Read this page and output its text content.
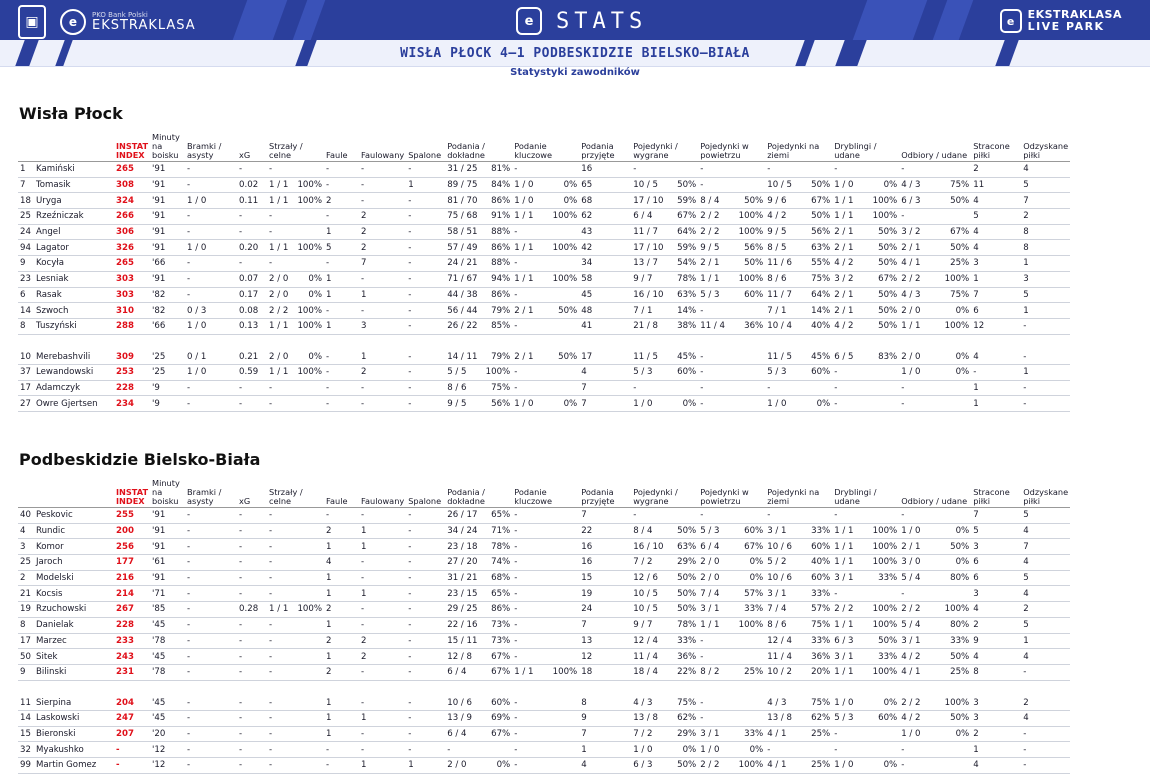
▣	e	PKO Bank Polski
EKSTRAKLASA	e	STATS	e	EKSTRAKLASA
LIVE PARK
WISŁA PŁOCK 4–1 PODBESKIDZIE BIELSKO–BIAŁA
Statystyki zawodników
Wisła Płock
		INSTAT INDEX	Minuty na boisku	Bramki / asysty	xG	Strzały / celne	Faule	Faulowany	Spalone	Podania / dokładne	Podanie kluczowe	Podania przyjęte	Pojedynki / wygrane	Pojedynki w powietrzu	Pojedynki na ziemi	Dryblingi / udane	Odbiory / udane	Stracone piłki	Odzyskane piłki
1	Kamiński	265	'91	-	-	-	-	-	-	31 / 25 81%	-	16	-	-	-	-	-	2	4
7	Tomasik	308	'91	-	0.02	1 / 1 100%	-	-	1	89 / 75 84%	1 / 0 0%	65	10 / 5 50%	-	10 / 5 50%	1 / 0 0%	4 / 3 75%	11	5
18	Uryga	324	'91	1 / 0	0.11	1 / 1 100%	2	-	-	81 / 70 86%	1 / 0 0%	68	17 / 10 59%	8 / 4 50%	9 / 6 67%	1 / 1 100%	6 / 3 50%	4	7
25	Rzeźniczak	266	'91	-	-	-	-	2	-	75 / 68 91%	1 / 1 100%	62	6 / 4 67%	2 / 2 100%	4 / 2 50%	1 / 1 100%	-	5	2
24	Angel	306	'91	-	-	-	1	2	-	58 / 51 88%	-	43	11 / 7 64%	2 / 2 100%	9 / 5 56%	2 / 1 50%	3 / 2 67%	4	8
94	Lagator	326	'91	1 / 0	0.20	1 / 1 100%	5	2	-	57 / 49 86%	1 / 1 100%	42	17 / 10 59%	9 / 5 56%	8 / 5 63%	2 / 1 50%	2 / 1 50%	4	8
9	Kocyła	265	'66	-	-	-	-	7	-	24 / 21 88%	-	34	13 / 7 54%	2 / 1 50%	11 / 6 55%	4 / 2 50%	4 / 1 25%	3	1
23	Lesniak	303	'91	-	0.07	2 / 0 0%	1	-	-	71 / 67 94%	1 / 1 100%	58	9 / 7 78%	1 / 1 100%	8 / 6 75%	3 / 2 67%	2 / 2 100%	1	3
6	Rasak	303	'82	-	0.17	2 / 0 0%	1	1	-	44 / 38 86%	-	45	16 / 10 63%	5 / 3 60%	11 / 7 64%	2 / 1 50%	4 / 3 75%	7	5
14	Szwoch	310	'82	0 / 3	0.08	2 / 2 100%	-	-	-	56 / 44 79%	2 / 1 50%	48	7 / 1 14%	-	7 / 1 14%	2 / 1 50%	2 / 0 0%	6	1
8	Tuszyński	288	'66	1 / 0	0.13	1 / 1 100%	1	3	-	26 / 22 85%	-	41	21 / 8 38%	11 / 4 36%	10 / 4 40%	4 / 2 50%	1 / 1 100%	12	-

10	Merebashvili	309	'25	0 / 1	0.21	2 / 0 0%	-	1	-	14 / 11 79%	2 / 1 50%	17	11 / 5 45%	-	11 / 5 45%	6 / 5 83%	2 / 0 0%	4	-
37	Lewandowski	253	'25	1 / 0	0.59	1 / 1 100%	-	2	-	5 / 5 100%	-	4	5 / 3 60%	-	5 / 3 60%	-	1 / 0 0%	-	1
17	Adamczyk	228	'9	-	-	-	-	-	-	8 / 6 75%	-	7	-	-	-	-	-	1	-
27	Owre Gjertsen	234	'9	-	-	-	-	-	-	9 / 5 56%	1 / 0 0%	7	1 / 0 0%	-	1 / 0 0%	-	-	1	-
Podbeskidzie Bielsko-Biała
		INSTAT INDEX	Minuty na boisku	Bramki / asysty	xG	Strzały / celne	Faule	Faulowany	Spalone	Podania / dokładne	Podanie kluczowe	Podania przyjęte	Pojedynki / wygrane	Pojedynki w powietrzu	Pojedynki na ziemi	Dryblingi / udane	Odbiory / udane	Stracone piłki	Odzyskane piłki
40	Peskovic	255	'91	-	-	-	-	-	-	26 / 17 65%	-	7	-	-	-	-	-	7	5
4	Rundic	200	'91	-	-	-	2	1	-	34 / 24 71%	-	22	8 / 4 50%	5 / 3 60%	3 / 1 33%	1 / 1 100%	1 / 0 0%	5	4
3	Komor	256	'91	-	-	-	1	1	-	23 / 18 78%	-	16	16 / 10 63%	6 / 4 67%	10 / 6 60%	1 / 1 100%	2 / 1 50%	3	7
25	Jaroch	177	'61	-	-	-	4	-	-	27 / 20 74%	-	16	7 / 2 29%	2 / 0 0%	5 / 2 40%	1 / 1 100%	3 / 0 0%	6	4
2	Modelski	216	'91	-	-	-	1	-	-	31 / 21 68%	-	15	12 / 6 50%	2 / 0 0%	10 / 6 60%	3 / 1 33%	5 / 4 80%	6	5
21	Kocsis	214	'71	-	-	-	1	1	-	23 / 15 65%	-	19	10 / 5 50%	7 / 4 57%	3 / 1 33%	-	-	3	4
19	Rzuchowski	267	'85	-	0.28	1 / 1 100%	2	-	-	29 / 25 86%	-	24	10 / 5 50%	3 / 1 33%	7 / 4 57%	2 / 2 100%	2 / 2 100%	4	2
8	Danielak	228	'45	-	-	-	1	-	-	22 / 16 73%	-	7	9 / 7 78%	1 / 1 100%	8 / 6 75%	1 / 1 100%	5 / 4 80%	2	5
17	Marzec	233	'78	-	-	-	2	2	-	15 / 11 73%	-	13	12 / 4 33%	-	12 / 4 33%	6 / 3 50%	3 / 1 33%	9	1
50	Sitek	243	'45	-	-	-	1	2	-	12 / 8 67%	-	12	11 / 4 36%	-	11 / 4 36%	3 / 1 33%	4 / 2 50%	4	4
9	Bilinski	231	'78	-	-	-	2	-	-	6 / 4 67%	1 / 1 100%	18	18 / 4 22%	8 / 2 25%	10 / 2 20%	1 / 1 100%	4 / 1 25%	8	-

11	Sierpina	204	'45	-	-	-	1	-	-	10 / 6 60%	-	8	4 / 3 75%	-	4 / 3 75%	1 / 0 0%	2 / 2 100%	3	2
14	Laskowski	247	'45	-	-	-	1	1	-	13 / 9 69%	-	9	13 / 8 62%	-	13 / 8 62%	5 / 3 60%	4 / 2 50%	3	4
15	Bieronski	207	'20	-	-	-	1	-	-	6 / 4 67%	-	7	7 / 2 29%	3 / 1 33%	4 / 1 25%	-	1 / 0 0%	2	-
32	Myakushko	-	'12	-	-	-	-	-	-	-	-	1	1 / 0 0%	1 / 0 0%	-	-	-	1	-
99	Martin Gomez	-	'12	-	-	-	-	1	1	2 / 0 0%	-	4	6 / 3 50%	2 / 2 100%	4 / 1 25%	1 / 0 0%	-	4	-
